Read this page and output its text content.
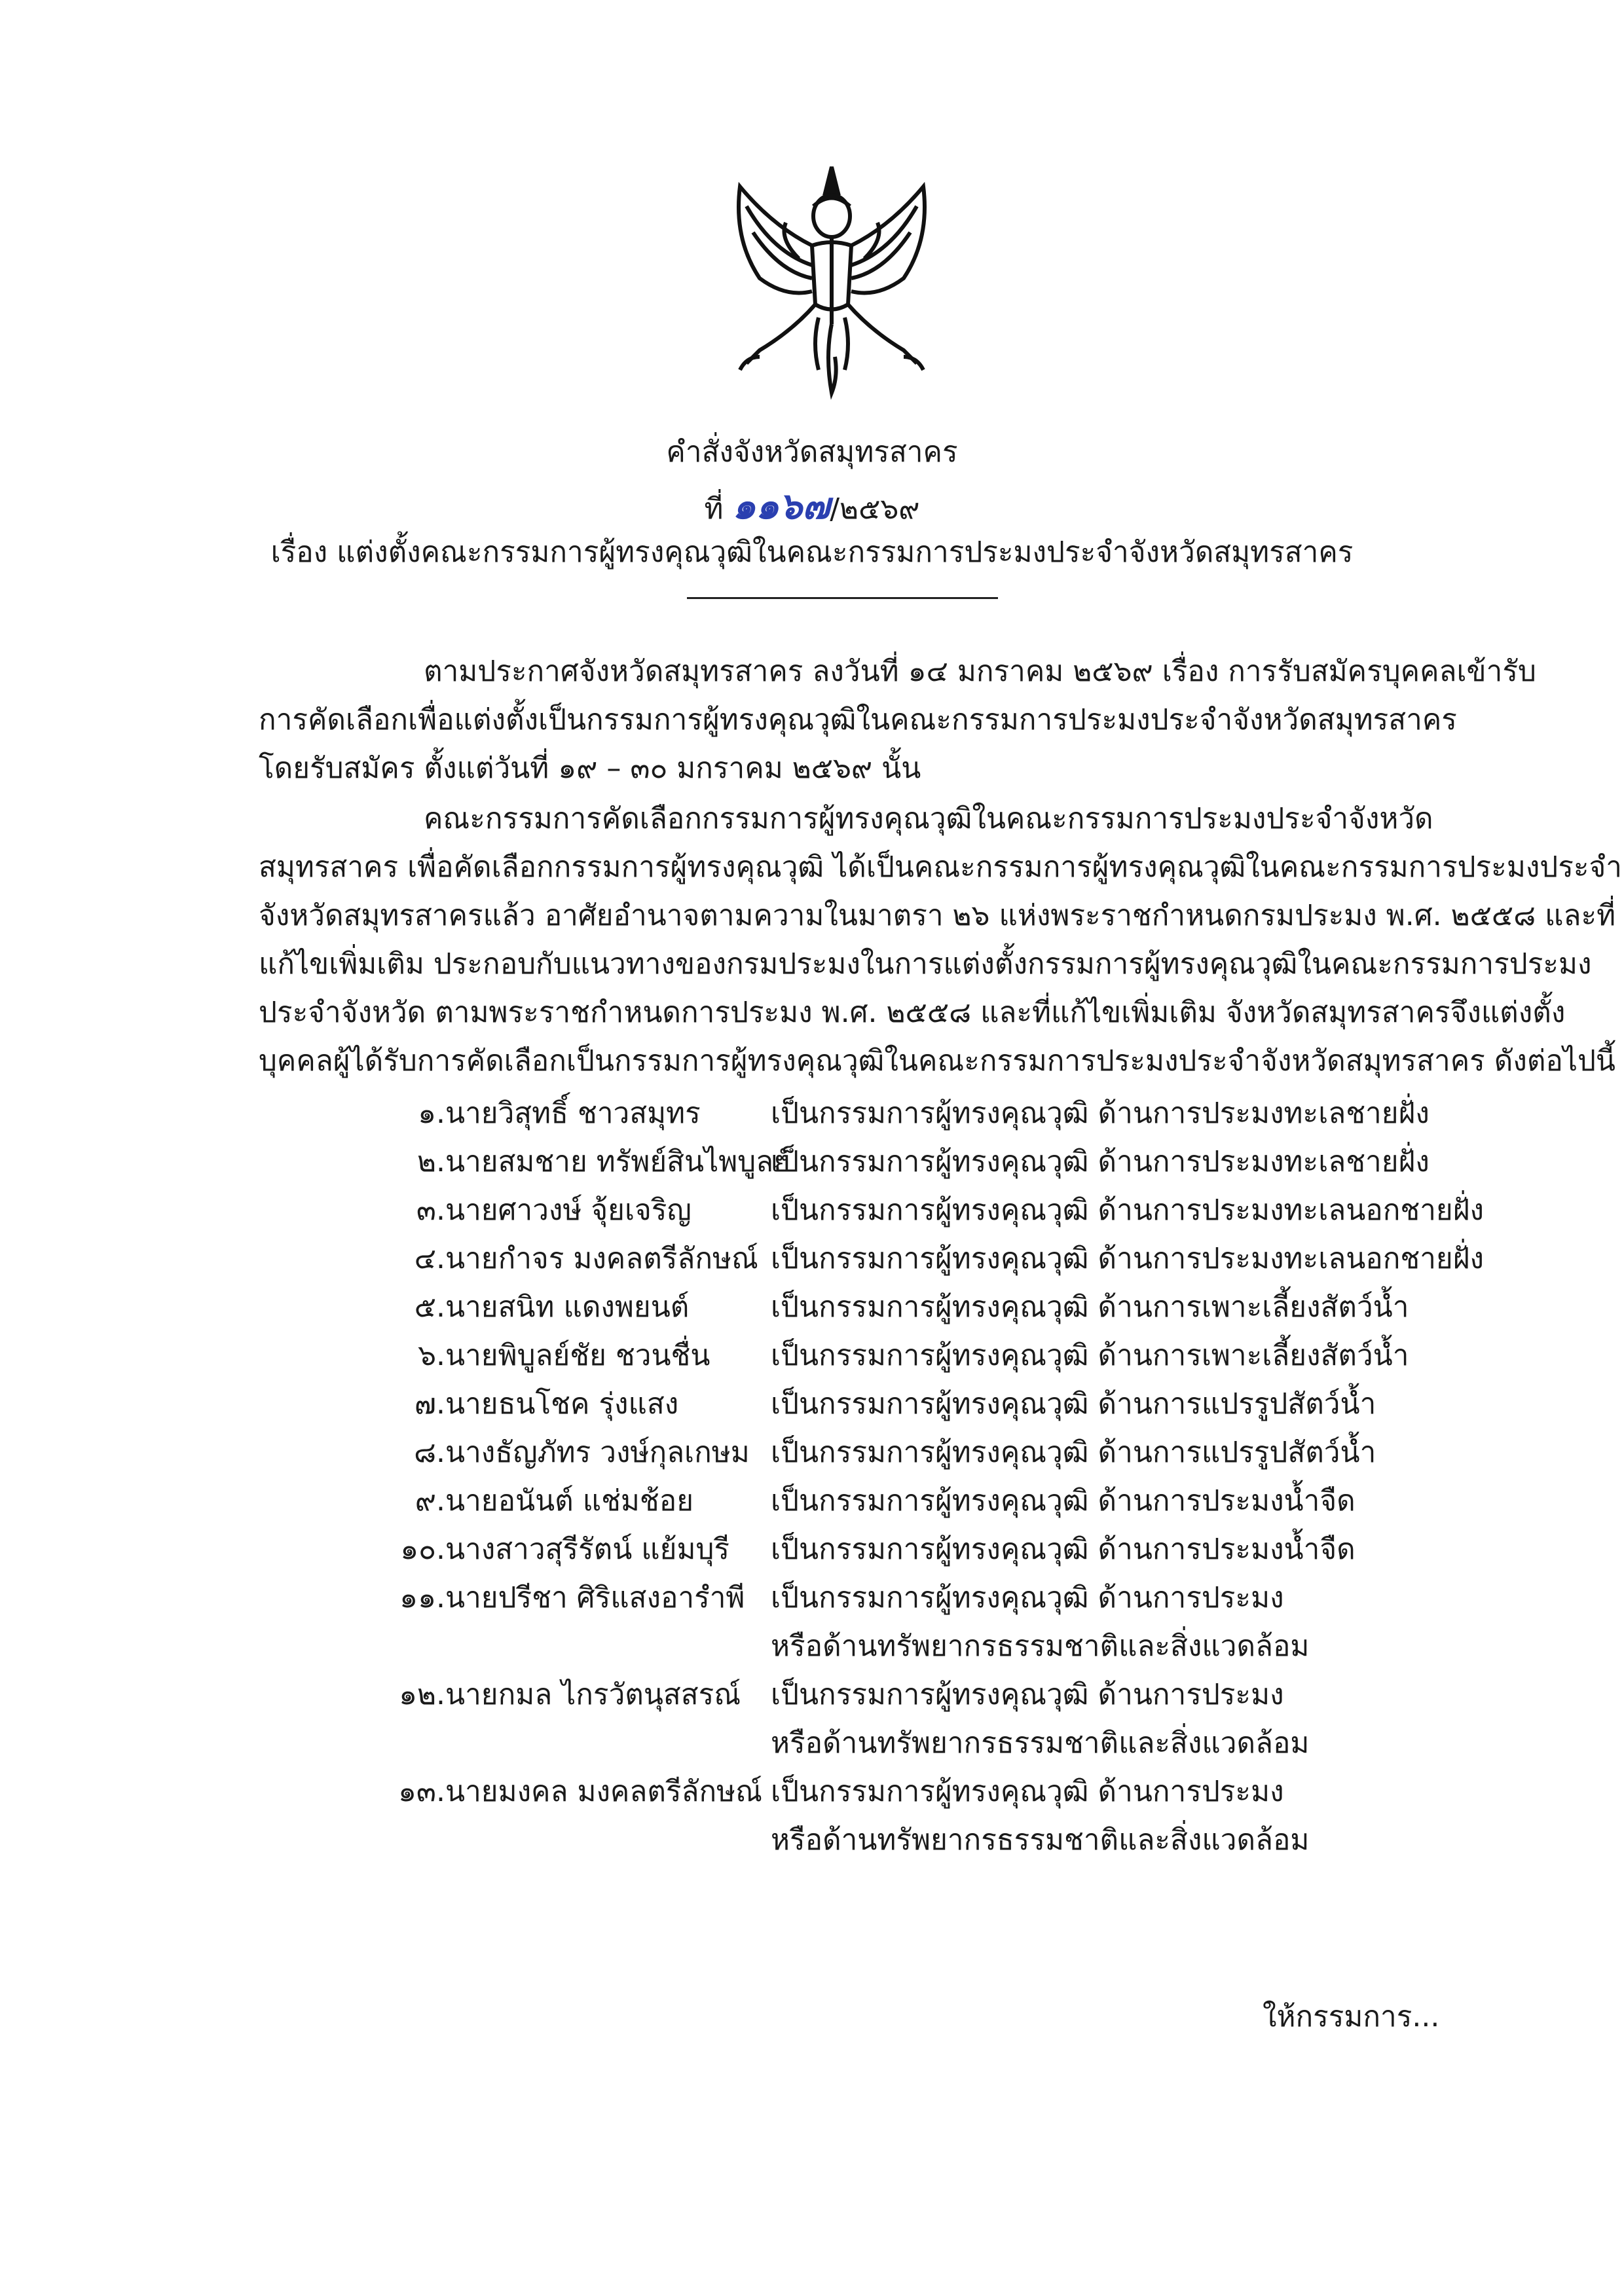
คำสั่งจังหวัดสมุทรสาคร
ที่ ๑๑๖๗/๒๕๖๙
เรื่อง แต่งตั้งคณะกรรมการผู้ทรงคุณวุฒิในคณะกรรมการประมงประจำจังหวัดสมุทรสาคร
ตามประกาศจังหวัดสมุทรสาคร ลงวันที่ ๑๔ มกราคม ๒๕๖๙ เรื่อง การรับสมัครบุคคลเข้ารับ
การคัดเลือกเพื่อแต่งตั้งเป็นกรรมการผู้ทรงคุณวุฒิในคณะกรรมการประมงประจำจังหวัดสมุทรสาคร
โดยรับสมัคร ตั้งแต่วันที่ ๑๙ – ๓๐ มกราคม ๒๕๖๙ นั้น
คณะกรรมการคัดเลือกกรรมการผู้ทรงคุณวุฒิในคณะกรรมการประมงประจำจังหวัด
สมุทรสาคร เพื่อคัดเลือกกรรมการผู้ทรงคุณวุฒิ ได้เป็นคณะกรรมการผู้ทรงคุณวุฒิในคณะกรรมการประมงประจำ
จังหวัดสมุทรสาครแล้ว อาศัยอำนาจตามความในมาตรา ๒๖ แห่งพระราชกำหนดกรมประมง พ.ศ. ๒๕๕๘ และที่
แก้ไขเพิ่มเติม ประกอบกับแนวทางของกรมประมงในการแต่งตั้งกรรมการผู้ทรงคุณวุฒิในคณะกรรมการประมง
ประจำจังหวัด ตามพระราชกำหนดการประมง พ.ศ. ๒๕๕๘ และที่แก้ไขเพิ่มเติม จังหวัดสมุทรสาครจึงแต่งตั้ง
บุคคลผู้ได้รับการคัดเลือกเป็นกรรมการผู้ทรงคุณวุฒิในคณะกรรมการประมงประจำจังหวัดสมุทรสาคร ดังต่อไปนี้
๑. นายวิสุทธิ์ ชาวสมุทร เป็นกรรมการผู้ทรงคุณวุฒิ ด้านการประมงทะเลชายฝั่ง
๒. นายสมชาย ทรัพย์สินไพบูลย์
เป็นกรรมการผู้ทรงคุณวุฒิ ด้านการประมงทะเลชายฝั่ง
๓. นายศาวงษ์ จุ้ยเจริญ	เป็นกรรมการผู้ทรงคุณวุฒิ ด้านการประมงทะเลนอกชายฝั่ง
๔. นายกำจร มงคลตรีลักษณ์ เป็นกรรมการผู้ทรงคุณวุฒิ ด้านการประมงทะเลนอกชายฝั่ง
๕. นายสนิท แดงพยนต์	เป็นกรรมการผู้ทรงคุณวุฒิ ด้านการเพาะเลี้ยงสัตว์น้ำ
๖. นายพิบูลย์ชัย ชวนชื่น เป็นกรรมการผู้ทรงคุณวุฒิ ด้านการเพาะเลี้ยงสัตว์น้ำ
๗. นายธนโชค รุ่งแสง	เป็นกรรมการผู้ทรงคุณวุฒิ ด้านการแปรรูปสัตว์น้ำ
๘. นางธัญภัทร วงษ์กุลเกษม เป็นกรรมการผู้ทรงคุณวุฒิ ด้านการแปรรูปสัตว์น้ำ
๙. นายอนันต์ แช่มช้อย	เป็นกรรมการผู้ทรงคุณวุฒิ ด้านการประมงน้ำจืด
๑๐. นางสาวสุรีรัตน์ แย้มบุรี เป็นกรรมการผู้ทรงคุณวุฒิ ด้านการประมงน้ำจืด
๑๑. นายปรีชา ศิริแสงอารำพี เป็นกรรมการผู้ทรงคุณวุฒิ ด้านการประมง
หรือด้านทรัพยากรธรรมชาติและสิ่งแวดล้อม
๑๒. นายกมล ไกรวัตนุสสรณ์ เป็นกรรมการผู้ทรงคุณวุฒิ ด้านการประมง
หรือด้านทรัพยากรธรรมชาติและสิ่งแวดล้อม
๑๓. นายมงคล มงคลตรีลักษณ์ เป็นกรรมการผู้ทรงคุณวุฒิ ด้านการประมง
หรือด้านทรัพยากรธรรมชาติและสิ่งแวดล้อม
ให้กรรมการ...
